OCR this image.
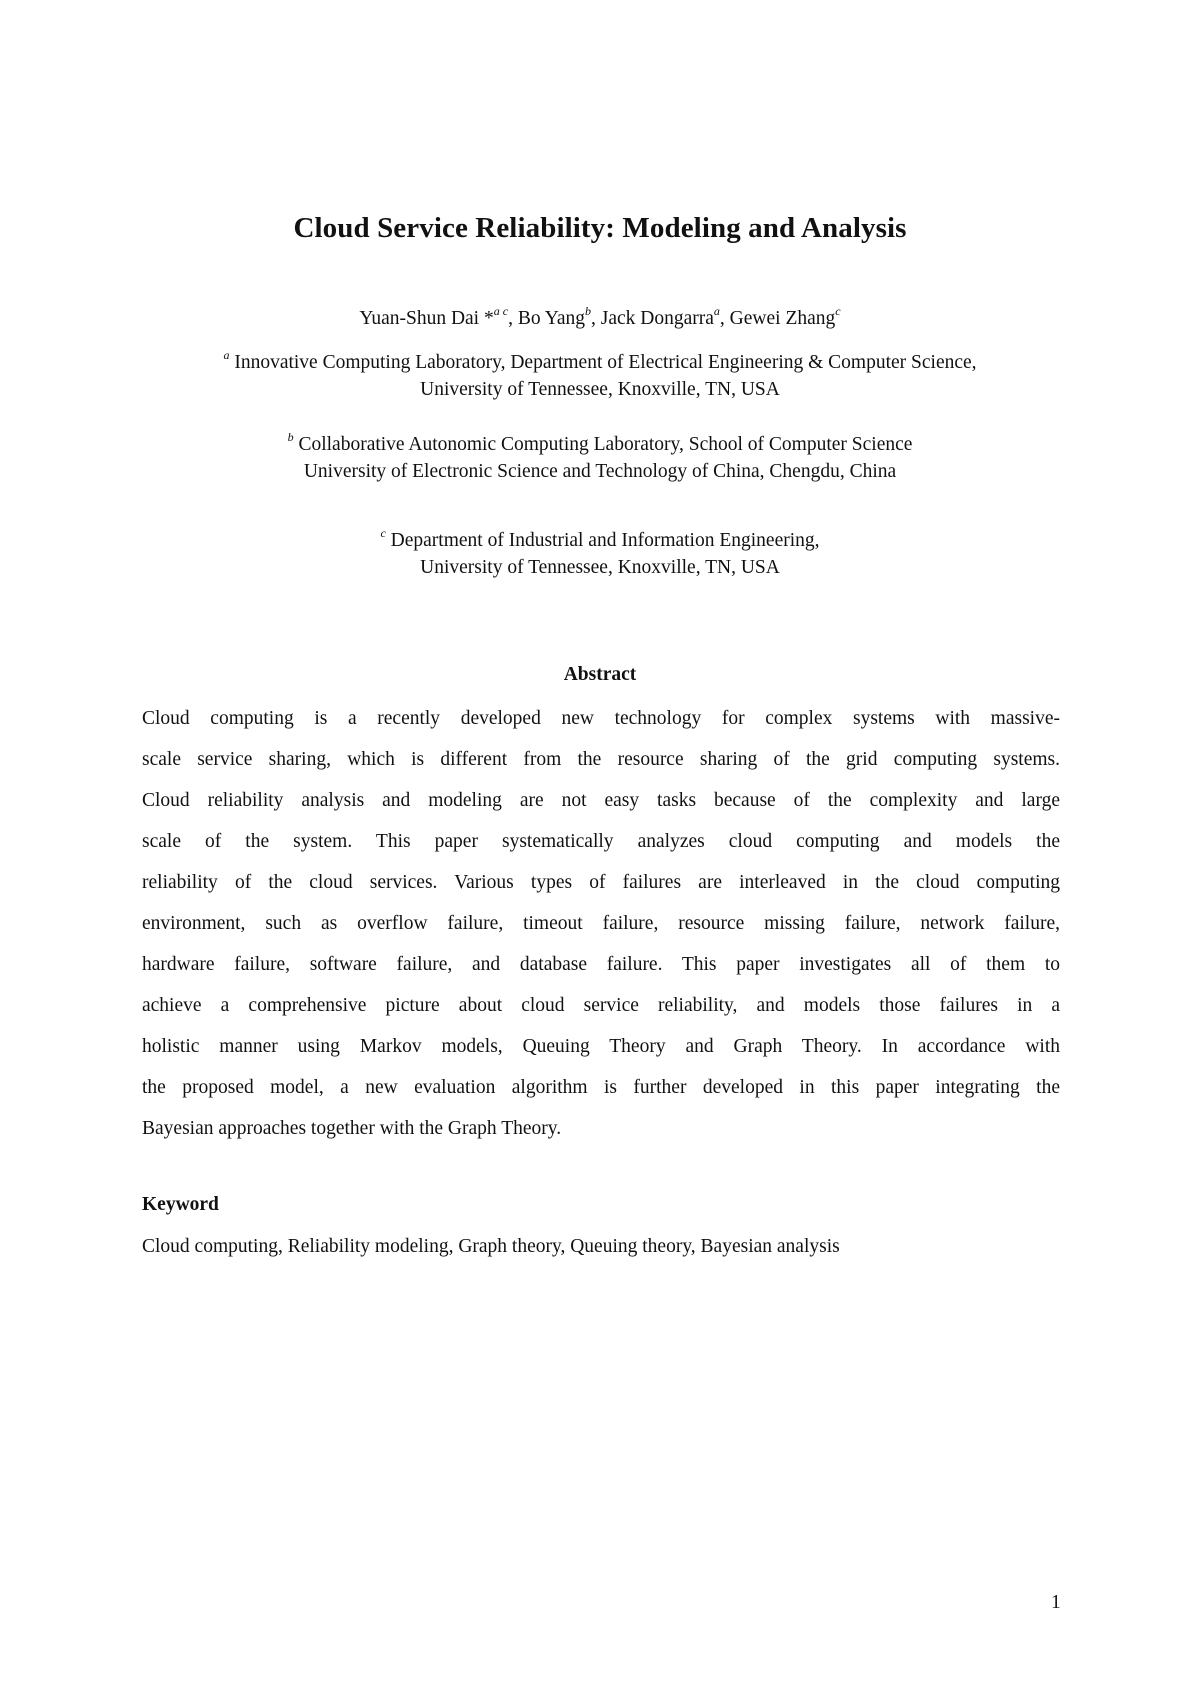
Cloud Service Reliability: Modeling and Analysis
Yuan-Shun Dai *$^{a c}$, Bo Yang$^b$, Jack Dongarra$^a$, Gewei Zhang$^c$
$^a$ Innovative Computing Laboratory, Department of Electrical Engineering & Computer Science,
University of Tennessee, Knoxville, TN, USA
$^b$ Collaborative Autonomic Computing Laboratory, School of Computer Science
University of Electronic Science and Technology of China, Chengdu, China
$^c$ Department of Industrial and Information Engineering,
University of Tennessee, Knoxville, TN, USA
Abstract
Cloud computing is a recently developed new technology for complex systems with massive-
scale service sharing, which is different from the resource sharing of the grid computing systems.
Cloud reliability analysis and modeling are not easy tasks because of the complexity and large
scale of the system. This paper systematically analyzes cloud computing and models the
reliability of the cloud services. Various types of failures are interleaved in the cloud computing
environment, such as overflow failure, timeout failure, resource missing failure, network failure,
hardware failure, software failure, and database failure. This paper investigates all of them to
achieve a comprehensive picture about cloud service reliability, and models those failures in a
holistic manner using Markov models, Queuing Theory and Graph Theory. In accordance with
the proposed model, a new evaluation algorithm is further developed in this paper integrating the
Bayesian approaches together with the Graph Theory.
Keyword
Cloud computing, Reliability modeling, Graph theory, Queuing theory, Bayesian analysis
1
